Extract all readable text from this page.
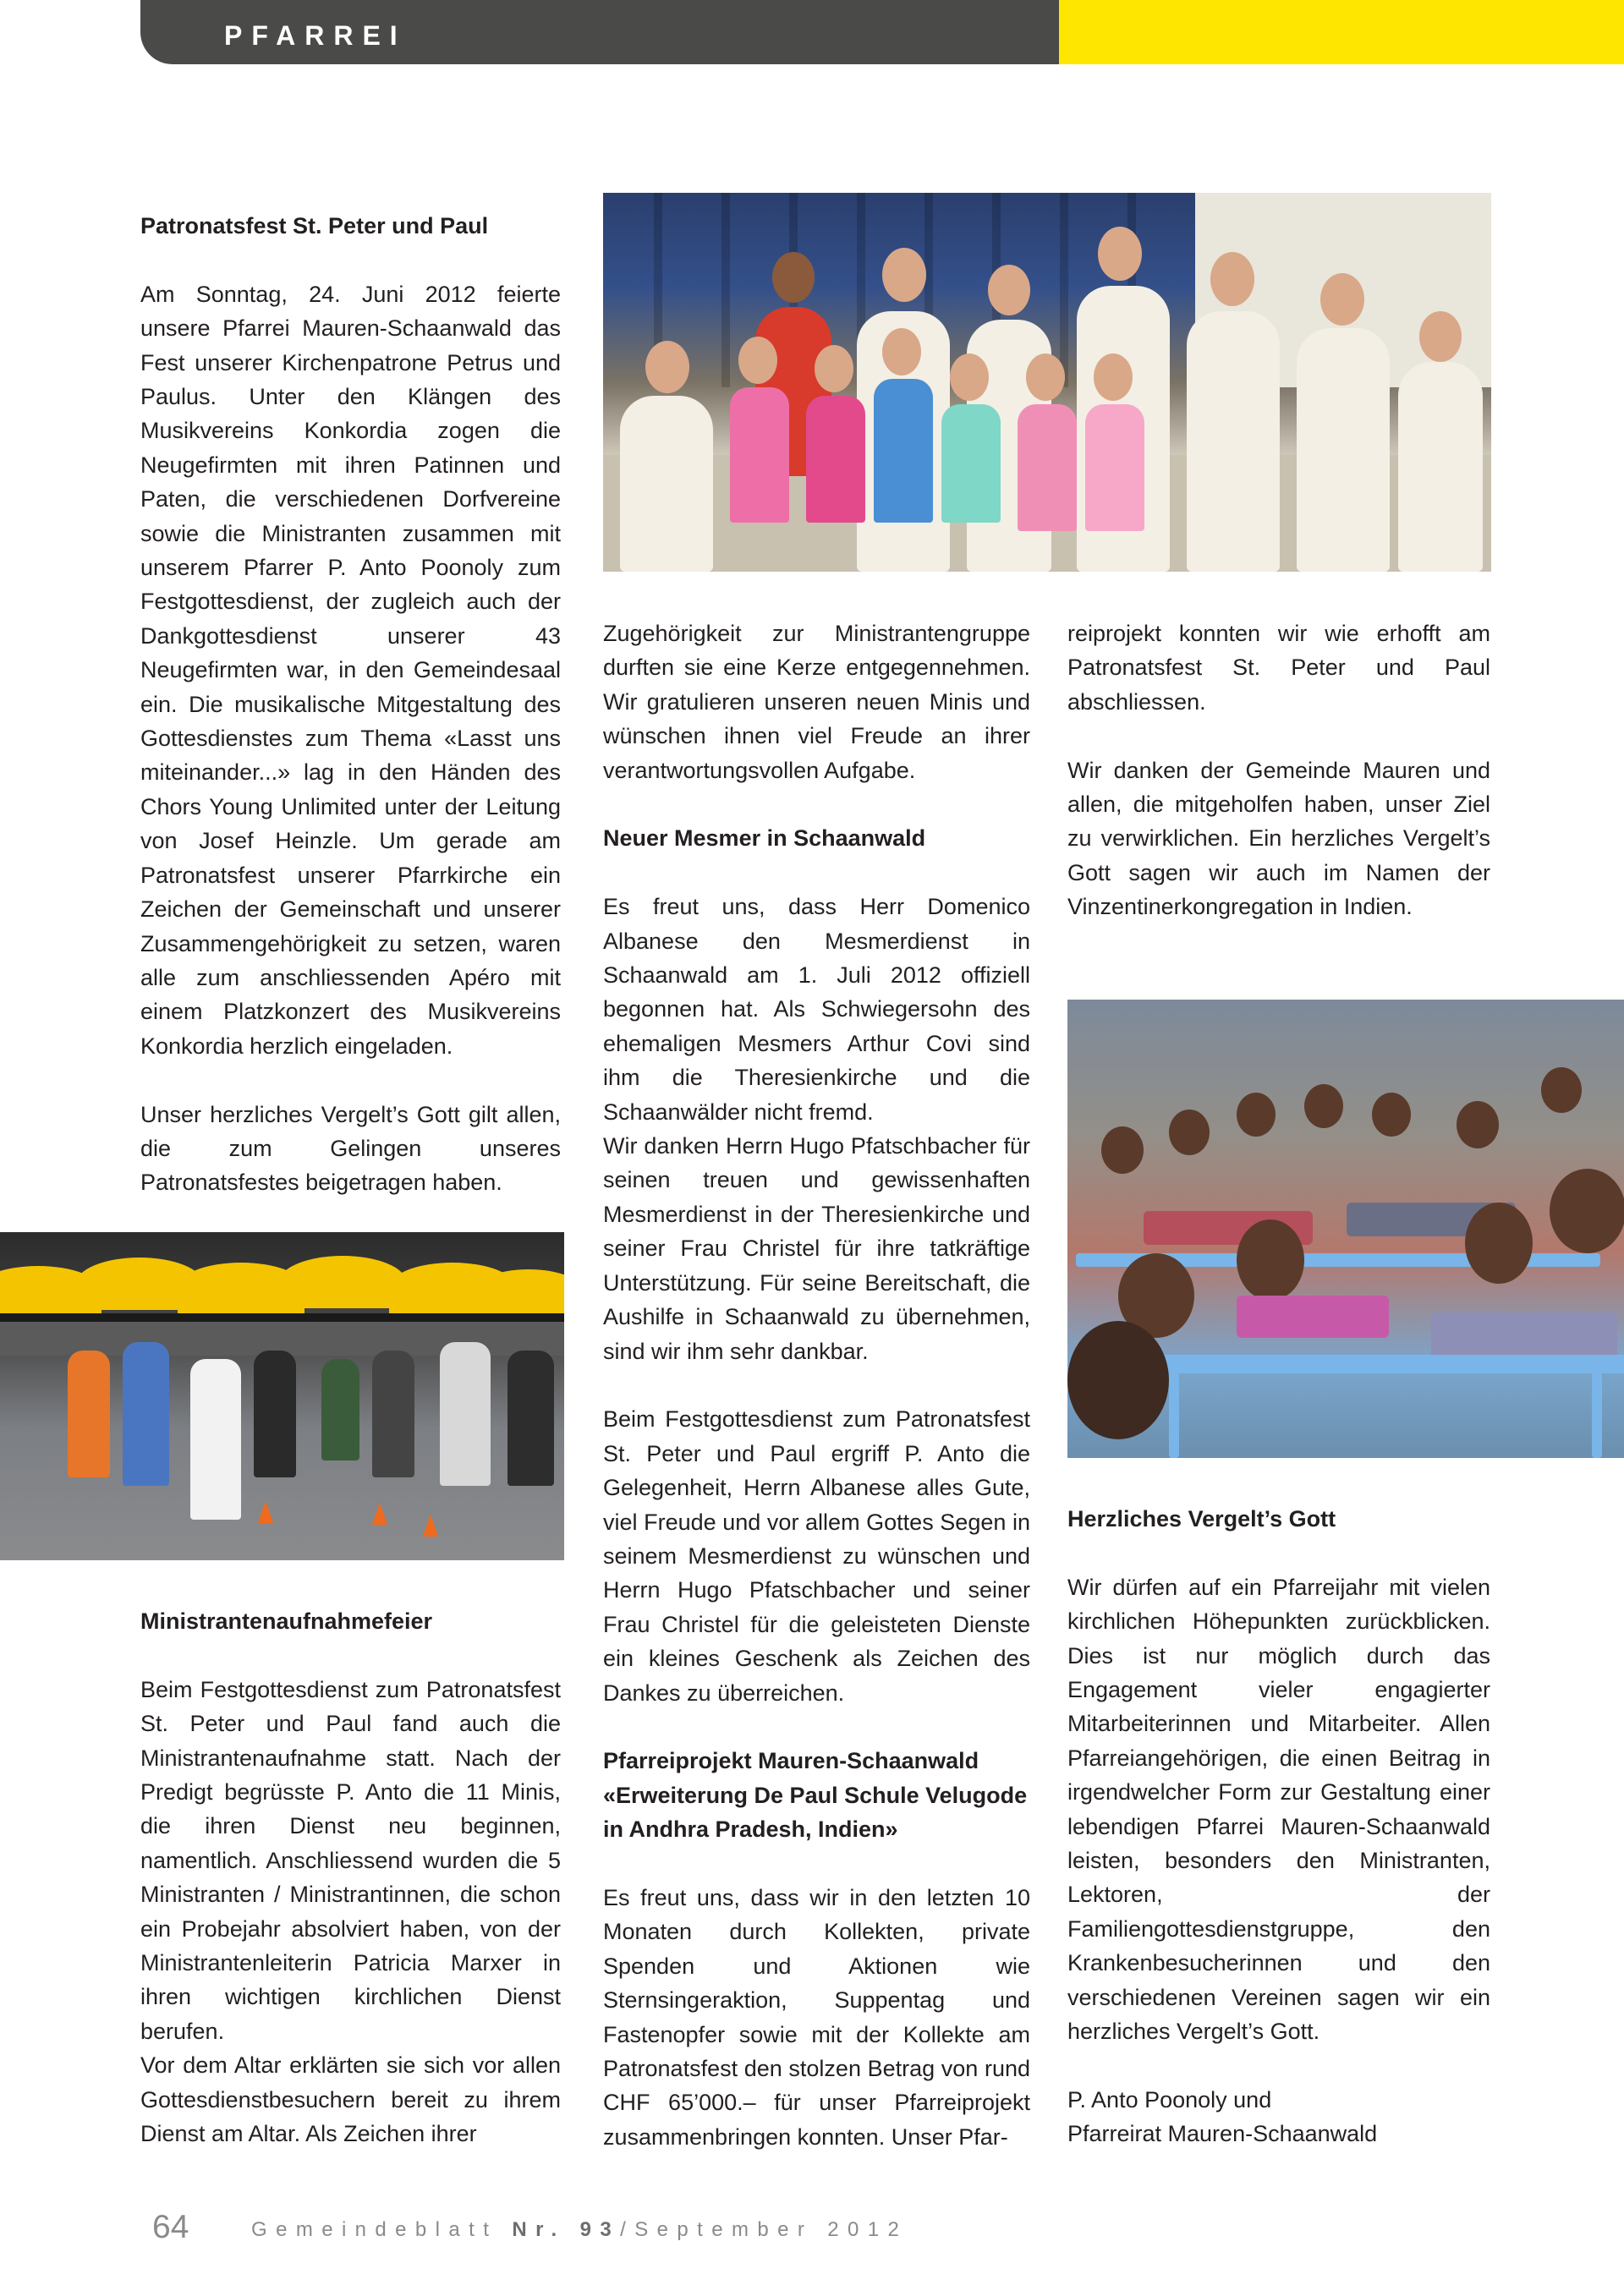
PFARREI
Patronatsfest St. Peter und Paul

Am Sonntag, 24. Juni 2012 feierte unsere Pfarrei Mauren-Schaanwald das Fest unserer Kirchenpatrone Petrus und Paulus. Unter den Klängen des Musikvereins Konkordia zogen die Neugefirmten mit ihren Patinnen und Paten, die verschiedenen Dorfvereine sowie die Ministranten zusammen mit unserem Pfarrer P. Anto Poonoly zum Festgottesdienst, der zugleich auch der Dankgottesdienst unserer 43 Neugefirmten war, in den Gemeindesaal ein. Die musikalische Mitgestaltung des Gottesdienstes zum Thema «Lasst uns miteinander...» lag in den Händen des Chors Young Unlimited unter der Leitung von Josef Heinzle. Um gerade am Patronatsfest unserer Pfarrkirche ein Zeichen der Gemeinschaft und unserer Zusammengehörigkeit zu setzen, waren alle zum anschliessenden Apéro mit einem Platzkonzert des Musikvereins Konkordia herzlich eingeladen.

Unser herzliches Vergelt’s Gott gilt allen, die zum Gelingen unseres Patronatsfestes beigetragen haben.

Ministrantenaufnahmefeier

Beim Festgottesdienst zum Patronatsfest St. Peter und Paul fand auch die Ministrantenaufnahme statt. Nach der Predigt begrüsste P. Anto die 11 Minis, die ihren Dienst neu beginnen, namentlich. Anschliessend wurden die 5 Ministranten / Ministrantinnen, die schon ein Probejahr absolviert haben, von der Ministrantenleiterin Patricia Marxer in ihren wichtigen kirchlichen Dienst berufen.

Vor dem Altar erklärten sie sich vor allen Gottesdienstbesuchern bereit zu ihrem Dienst am Altar. Als Zeichen ihrer

Zugehörigkeit zur Ministrantengruppe durften sie eine Kerze entgegennehmen. Wir gratulieren unseren neuen Minis und wünschen ihnen viel Freude an ihrer verantwortungsvollen Aufgabe.

Neuer Mesmer in Schaanwald

Es freut uns, dass Herr Domenico Albanese den Mesmerdienst in Schaanwald am 1. Juli 2012 offiziell begonnen hat. Als Schwiegersohn des ehemaligen Mesmers Arthur Covi sind ihm die Theresienkirche und die Schaanwälder nicht fremd.

Wir danken Herrn Hugo Pfatschbacher für seinen treuen und gewissenhaften Mesmerdienst in der Theresienkirche und seiner Frau Christel für ihre tatkräftige Unterstützung. Für seine Bereitschaft, die Aushilfe in Schaanwald zu übernehmen, sind wir ihm sehr dankbar.

Beim Festgottesdienst zum Patronatsfest St. Peter und Paul ergriff P. Anto die Gelegenheit, Herrn Albanese alles Gute, viel Freude und vor allem Gottes Segen in seinem Mesmerdienst zu wünschen und Herrn Hugo Pfatschbacher und seiner Frau Christel für die geleisteten Dienste ein kleines Geschenk als Zeichen des Dankes zu überreichen.

Pfarreiprojekt Mauren-Schaanwald «Erweiterung De Paul Schule Velugode in Andhra Pradesh, Indien»

Es freut uns, dass wir in den letzten 10 Monaten durch Kollekten, private Spenden und Aktionen wie Sternsingeraktion, Suppentag und Fastenopfer sowie mit der Kollekte am Patronatsfest den stolzen Betrag von rund CHF 65’000.– für unser Pfarreiprojekt zusammenbringen konnten. Unser Pfar-

reiprojekt konnten wir wie erhofft am Patronatsfest St. Peter und Paul abschliessen.

Wir danken der Gemeinde Mauren und allen, die mitgeholfen haben, unser Ziel zu verwirklichen. Ein herzliches Vergelt’s Gott sagen wir auch im Namen der Vinzentinerkongregation in Indien.

Herzliches Vergelt’s Gott

Wir dürfen auf ein Pfarreijahr mit vielen kirchlichen Höhepunkten zurückblicken. Dies ist nur möglich durch das Engagement vieler engagierter Mitarbeiterinnen und Mitarbeiter. Allen Pfarreiangehörigen, die einen Beitrag in irgendwelcher Form zur Gestaltung einer lebendigen Pfarrei Mauren-Schaanwald leisten, besonders den Ministranten, Lektoren, der Familiengottesdienstgruppe, den Krankenbesucherinnen und den verschiedenen Vereinen sagen wir ein herzliches Vergelt’s Gott.

P. Anto Poonoly und
Pfarreirat Mauren-Schaanwald
64	Gemeindeblatt Nr. 93/September 2012
